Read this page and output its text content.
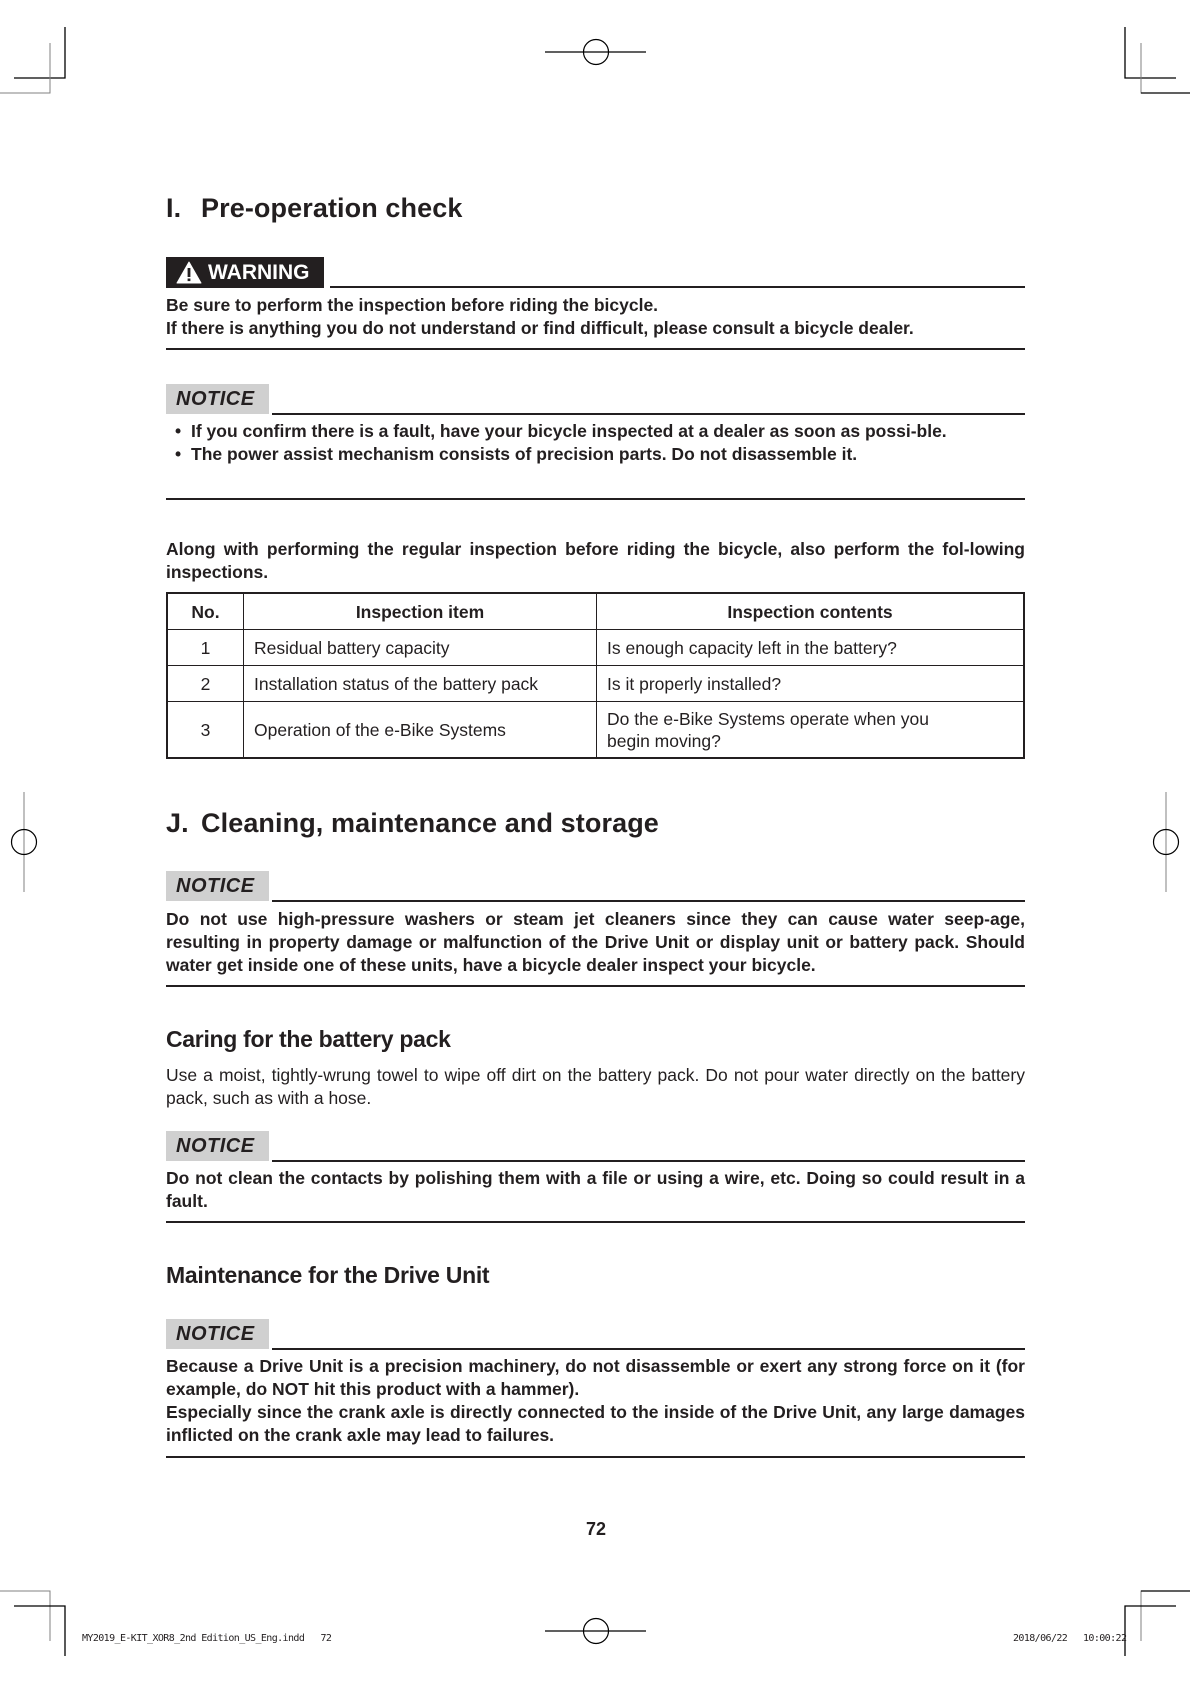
I. Pre-operation check
WARNING

Be sure to perform the inspection before riding the bicycle.

If there is anything you do not understand or find difficult, please consult a bicycle dealer.

NOTICE
• If you confirm there is a fault, have your bicycle inspected at a dealer as soon as possi-ble.
• The power assist mechanism consists of precision parts. Do not disassemble it.
Along with performing the regular inspection before riding the bicycle, also perform the fol-lowing inspections.
No.	Inspection item	Inspection contents
1	Residual battery capacity	Is enough capacity left in the battery?
2	Installation status of the battery pack	Is it properly installed?
3	Operation of the e-Bike Systems	Do the e-Bike Systems operate when you begin moving?
J. Cleaning, maintenance and storage
NOTICE
Do not use high-pressure washers or steam jet cleaners since they can cause water seep-age, resulting in property damage or malfunction of the Drive Unit or display unit or battery pack. Should water get inside one of these units, have a bicycle dealer inspect your bicycle.
Caring for the battery pack
Use a moist, tightly-wrung towel to wipe off dirt on the battery pack. Do not pour water directly on the battery pack, such as with a hose.
NOTICE
Do not clean the contacts by polishing them with a file or using a wire, etc. Doing so could result in a fault.
Maintenance for the Drive Unit
NOTICE

Because a Drive Unit is a precision machinery, do not disassemble or exert any strong force on it (for example, do NOT hit this product with a hammer).

Especially since the crank axle is directly connected to the inside of the Drive Unit, any large damages inflicted on the crank axle may lead to failures.

72
MY2019_E-KIT_XOR8_2nd Edition_US_Eng.indd   72	2018/06/22 10:00:22
